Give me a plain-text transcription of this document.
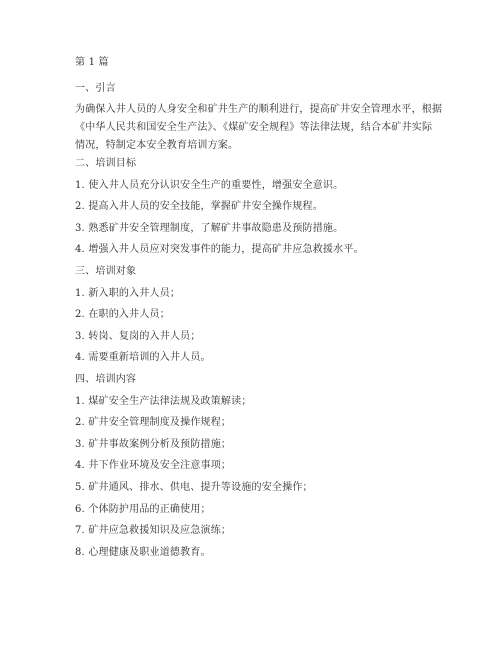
第 1 篇
一、引言
为确保入井人员的人身安全和矿井生产的顺利进行，提高矿井安全管理水平，根据
《中华人民共和国安全生产法》、《煤矿安全规程》等法律法规，结合本矿井实际
情况，特制定本安全教育培训方案。
二、培训目标
1. 使入井人员充分认识安全生产的重要性，增强安全意识。
2. 提高入井人员的安全技能，掌握矿井安全操作规程。
3. 熟悉矿井安全管理制度，了解矿井事故隐患及预防措施。
4. 增强入井人员应对突发事件的能力，提高矿井应急救援水平。
三、培训对象
1. 新入职的入井人员；
2. 在职的入井人员；
3. 转岗、复岗的入井人员；
4. 需要重新培训的入井人员。
四、培训内容
1. 煤矿安全生产法律法规及政策解读；
2. 矿井安全管理制度及操作规程；
3. 矿井事故案例分析及预防措施；
4. 井下作业环境及安全注意事项；
5. 矿井通风、排水、供电、提升等设施的安全操作；
6. 个体防护用品的正确使用；
7. 矿井应急救援知识及应急演练；
8. 心理健康及职业道德教育。
